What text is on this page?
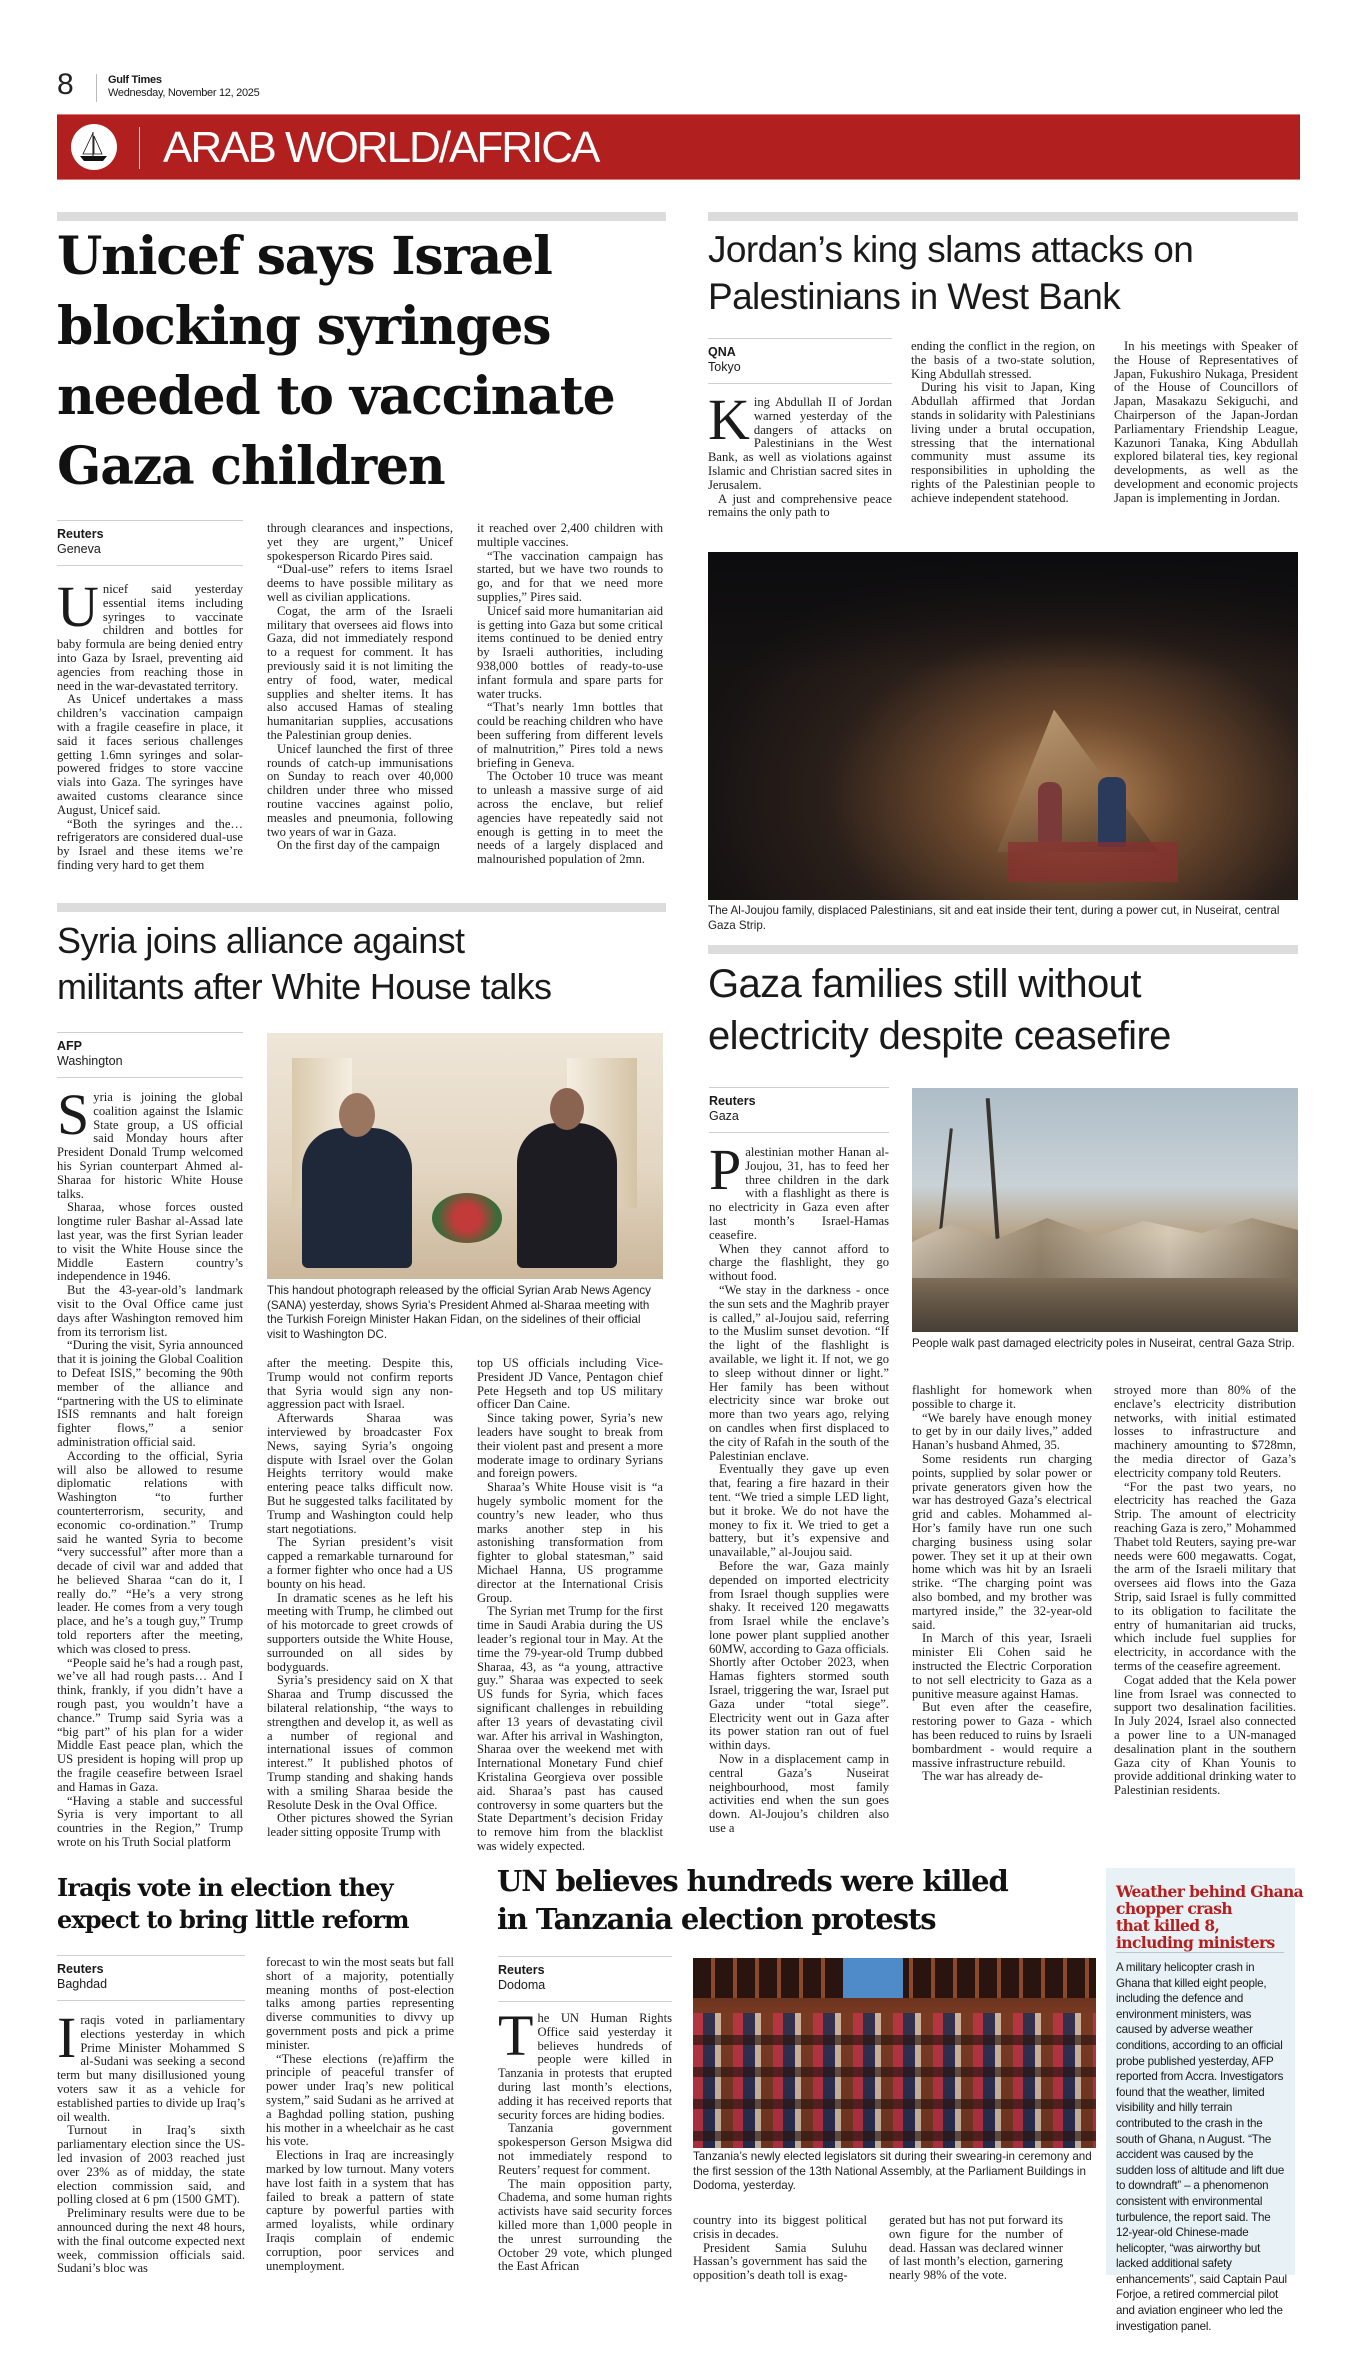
8	Gulf Times
Wednesday, November 12, 2025
ARAB WORLD/AFRICA
Unicef says Israel
blocking syringes
needed to vaccinate
Gaza children
Reuters
Geneva

Unicef said yesterday essential items including syringes to vaccinate children and bottles for baby formula are being denied entry into Gaza by Israel, preventing aid agencies from reaching those in need in the war-devastated territory.

As Unicef undertakes a mass children’s vaccination campaign with a fragile ceasefire in place, it said it faces serious challenges getting 1.6mn syringes and solar-powered fridges to store vaccine vials into Gaza. The syringes have awaited customs clearance since August, Unicef said.

“Both the syringes and the… refrigerators are considered dual-use by Israel and these items we’re finding very hard to get them

through clearances and inspections, yet they are urgent,” Unicef spokesperson Ricardo Pires said.

“Dual-use” refers to items Israel deems to have possible military as well as civilian applications.

Cogat, the arm of the Israeli military that oversees aid flows into Gaza, did not immediately respond to a request for comment. It has previously said it is not limiting the entry of food, water, medical supplies and shelter items. It has also accused Hamas of stealing humanitarian supplies, accusations the Palestinian group denies.

Unicef launched the first of three rounds of catch-up immunisations on Sunday to reach over 40,000 children under three who missed routine vaccines against polio, measles and pneumonia, following two years of war in Gaza.

On the first day of the campaign

it reached over 2,400 children with multiple vaccines.

“The vaccination campaign has started, but we have two rounds to go, and for that we need more supplies,” Pires said.

Unicef said more humanitarian aid is getting into Gaza but some critical items continued to be denied entry by Israeli authorities, including 938,000 bottles of ready-to-use infant formula and spare parts for water trucks.

“That’s nearly 1mn bottles that could be reaching children who have been suffering from different levels of malnutrition,” Pires told a news briefing in Geneva.

The October 10 truce was meant to unleash a massive surge of aid across the enclave, but relief agencies have repeatedly said not enough is getting in to meet the needs of a largely displaced and malnourished population of 2mn.

Jordan’s king slams attacks on
Palestinians in West Bank
QNA
Tokyo

King Abdullah II of Jordan warned yesterday of the dangers of attacks on Palestinians in the West Bank, as well as violations against Islamic and Christian sacred sites in Jerusalem.

A just and comprehensive peace remains the only path to

ending the conflict in the region, on the basis of a two-state solution, King Abdullah stressed.

During his visit to Japan, King Abdullah affirmed that Jordan stands in solidarity with Palestinians living under a brutal occupation, stressing that the international community must assume its responsibilities in upholding the rights of the Palestinian people to achieve independent statehood.

In his meetings with Speaker of the House of Representatives of Japan, Fukushiro Nukaga, President of the House of Councillors of Japan, Masakazu Sekiguchi, and Chairperson of the Japan-Jordan Parliamentary Friendship League, Kazunori Tanaka, King Abdullah explored bilateral ties, key regional developments, as well as the development and economic projects Japan is implementing in Jordan.

The Al-Joujou family, displaced Palestinians, sit and eat inside their tent, during a power cut, in Nuseirat, central Gaza Strip.
Syria joins alliance against
militants after White House talks
AFP
Washington

Syria is joining the global coalition against the Islamic State group, a US official said Monday hours after President Donald Trump welcomed his Syrian counterpart Ahmed al-Sharaa for historic White House talks.

Sharaa, whose forces ousted longtime ruler Bashar al-Assad late last year, was the first Syrian leader to visit the White House since the Middle Eastern country’s independence in 1946.

But the 43-year-old’s landmark visit to the Oval Office came just days after Washington removed him from its terrorism list.

“During the visit, Syria announced that it is joining the Global Coalition to Defeat ISIS,” becoming the 90th member of the alliance and “partnering with the US to eliminate ISIS remnants and halt foreign fighter flows,” a senior administration official said.

According to the official, Syria will also be allowed to resume diplomatic relations with Washington “to further counterterrorism, security, and economic co-ordination.” Trump said he wanted Syria to become “very successful” after more than a decade of civil war and added that he believed Sharaa “can do it, I really do.” “He’s a very strong leader. He comes from a very tough place, and he’s a tough guy,” Trump told reporters after the meeting, which was closed to press.

“People said he’s had a rough past, we’ve all had rough pasts… And I think, frankly, if you didn’t have a rough past, you wouldn’t have a chance.” Trump said Syria was a “big part” of his plan for a wider Middle East peace plan, which the US president is hoping will prop up the fragile ceasefire between Israel and Hamas in Gaza.

“Having a stable and successful Syria is very important to all countries in the Region,” Trump wrote on his Truth Social platform

This handout photograph released by the official Syrian Arab News Agency (SANA) yesterday, shows Syria’s President Ahmed al-Sharaa meeting with the Turkish Foreign Minister Hakan Fidan, on the sidelines of their official visit to Washington DC.

after the meeting. Despite this, Trump would not confirm reports that Syria would sign any non-aggression pact with Israel.

Afterwards Sharaa was interviewed by broadcaster Fox News, saying Syria’s ongoing dispute with Israel over the Golan Heights territory would make entering peace talks difficult now. But he suggested talks facilitated by Trump and Washington could help start negotiations.

The Syrian president’s visit capped a remarkable turnaround for a former fighter who once had a US bounty on his head.

In dramatic scenes as he left his meeting with Trump, he climbed out of his motorcade to greet crowds of supporters outside the White House, surrounded on all sides by bodyguards.

Syria’s presidency said on X that Sharaa and Trump discussed the bilateral relationship, “the ways to strengthen and develop it, as well as a number of regional and international issues of common interest.” It published photos of Trump standing and shaking hands with a smiling Sharaa beside the Resolute Desk in the Oval Office.

Other pictures showed the Syrian leader sitting opposite Trump with

top US officials including Vice-President JD Vance, Pentagon chief Pete Hegseth and top US military officer Dan Caine.

Since taking power, Syria’s new leaders have sought to break from their violent past and present a more moderate image to ordinary Syrians and foreign powers.

Sharaa’s White House visit is “a hugely symbolic moment for the country’s new leader, who thus marks another step in his astonishing transformation from fighter to global statesman,” said Michael Hanna, US programme director at the International Crisis Group.

The Syrian met Trump for the first time in Saudi Arabia during the US leader’s regional tour in May. At the time the 79-year-old Trump dubbed Sharaa, 43, as “a young, attractive guy.” Sharaa was expected to seek US funds for Syria, which faces significant challenges in rebuilding after 13 years of devastating civil war. After his arrival in Washington, Sharaa over the weekend met with International Monetary Fund chief Kristalina Georgieva over possible aid. Sharaa’s past has caused controversy in some quarters but the State Department’s decision Friday to remove him from the blacklist was widely expected.

Gaza families still without
electricity despite ceasefire
Reuters
Gaza

Palestinian mother Hanan al-Joujou, 31, has to feed her three children in the dark with a flashlight as there is no electricity in Gaza even after last month’s Israel-Hamas ceasefire.

When they cannot afford to charge the flashlight, they go without food.

“We stay in the darkness - once the sun sets and the Maghrib prayer is called,” al-Joujou said, referring to the Muslim sunset devotion. “If the light of the flashlight is available, we light it. If not, we go to sleep without dinner or light.” Her family has been without electricity since war broke out more than two years ago, relying on candles when first displaced to the city of Rafah in the south of the Palestinian enclave.

Eventually they gave up even that, fearing a fire hazard in their tent. “We tried a simple LED light, but it broke. We do not have the money to fix it. We tried to get a battery, but it’s expensive and unavailable,” al-Joujou said.

Before the war, Gaza mainly depended on imported electricity from Israel though supplies were shaky. It received 120 megawatts from Israel while the enclave’s lone power plant supplied another 60MW, according to Gaza officials. Shortly after October 2023, when Hamas fighters stormed south Israel, triggering the war, Israel put Gaza under “total siege”. Electricity went out in Gaza after its power station ran out of fuel within days.

Now in a displacement camp in central Gaza’s Nuseirat neighbourhood, most family activities end when the sun goes down. Al-Joujou’s children also use a

People walk past damaged electricity poles in Nuseirat, central Gaza Strip.

flashlight for homework when possible to charge it.

“We barely have enough money to get by in our daily lives,” added Hanan’s husband Ahmed, 35.

Some residents run charging points, supplied by solar power or private generators given how the war has destroyed Gaza’s electrical grid and cables. Mohammed al-Hor’s family have run one such charging business using solar power. They set it up at their own home which was hit by an Israeli strike. “The charging point was also bombed, and my brother was martyred inside,” the 32-year-old said.

In March of this year, Israeli minister Eli Cohen said he instructed the Electric Corporation to not sell electricity to Gaza as a punitive measure against Hamas.

But even after the ceasefire, restoring power to Gaza - which has been reduced to ruins by Israeli bombardment - would require a massive infrastructure rebuild.

The war has already de-

stroyed more than 80% of the enclave’s electricity distribution networks, with initial estimated losses to infrastructure and machinery amounting to $728mn, the media director of Gaza’s electricity company told Reuters.

“For the past two years, no electricity has reached the Gaza Strip. The amount of electricity reaching Gaza is zero,” Mohammed Thabet told Reuters, saying pre-war needs were 600 megawatts. Cogat, the arm of the Israeli military that oversees aid flows into the Gaza Strip, said Israel is fully committed to its obligation to facilitate the entry of humanitarian aid trucks, which include fuel supplies for electricity, in accordance with the terms of the ceasefire agreement.

Cogat added that the Kela power line from Israel was connected to support two desalination facilities. In July 2024, Israel also connected a power line to a UN-managed desalination plant in the southern Gaza city of Khan Younis to provide additional drinking water to Palestinian residents.

Iraqis vote in election they
expect to bring little reform
Reuters
Baghdad

Iraqis voted in parliamentary elections yesterday in which Prime Minister Mohammed S al-Sudani was seeking a second term but many disillusioned young voters saw it as a vehicle for established parties to divide up Iraq’s oil wealth.

Turnout in Iraq’s sixth parliamentary election since the US-led invasion of 2003 reached just over 23% as of midday, the state election commission said, and polling closed at 6 pm (1500 GMT).

Preliminary results were due to be announced during the next 48 hours, with the final outcome expected next week, commission officials said. Sudani’s bloc was

forecast to win the most seats but fall short of a majority, potentially meaning months of post-election talks among parties representing diverse communities to divvy up government posts and pick a prime minister.

“These elections (re)affirm the principle of peaceful transfer of power under Iraq’s new political system,” said Sudani as he arrived at a Baghdad polling station, pushing his mother in a wheelchair as he cast his vote.

Elections in Iraq are increasingly marked by low turnout. Many voters have lost faith in a system that has failed to break a pattern of state capture by powerful parties with armed loyalists, while ordinary Iraqis complain of endemic corruption, poor services and unemployment.

UN believes hundreds were killed
in Tanzania election protests
Reuters
Dodoma

The UN Human Rights Office said yesterday it believes hundreds of people were killed in Tanzania in protests that erupted during last month’s elections, adding it has received reports that security forces are hiding bodies.

Tanzania government spokesperson Gerson Msigwa did not immediately respond to Reuters’ request for comment.

The main opposition party, Chadema, and some human rights activists have said security forces killed more than 1,000 people in the unrest surrounding the October 29 vote, which plunged the East African

Tanzania’s newly elected legislators sit during their swearing-in ceremony and the first session of the 13th National Assembly, at the Parliament Buildings in Dodoma, yesterday.

country into its biggest political crisis in decades.

President Samia Suluhu Hassan’s government has said the opposition’s death toll is exag-

gerated but has not put forward its own figure for the number of dead. Hassan was declared winner of last month’s election, garnering nearly 98% of the vote.

Weather behind Ghana
chopper crash
that killed 8,
including ministers
A military helicopter crash in Ghana that killed eight people, including the defence and environment ministers, was caused by adverse weather conditions, according to an official probe published yesterday, AFP reported from Accra. Investigators found that the weather, limited visibility and hilly terrain contributed to the crash in the south of Ghana, n August. “The accident was caused by the sudden loss of altitude and lift due to downdraft” – a phenomenon consistent with environmental turbulence, the report said. The 12-year-old Chinese-made helicopter, “was airworthy but lacked additional safety enhancements”, said Captain Paul Forjoe, a retired commercial pilot and aviation engineer who led the investigation panel.
